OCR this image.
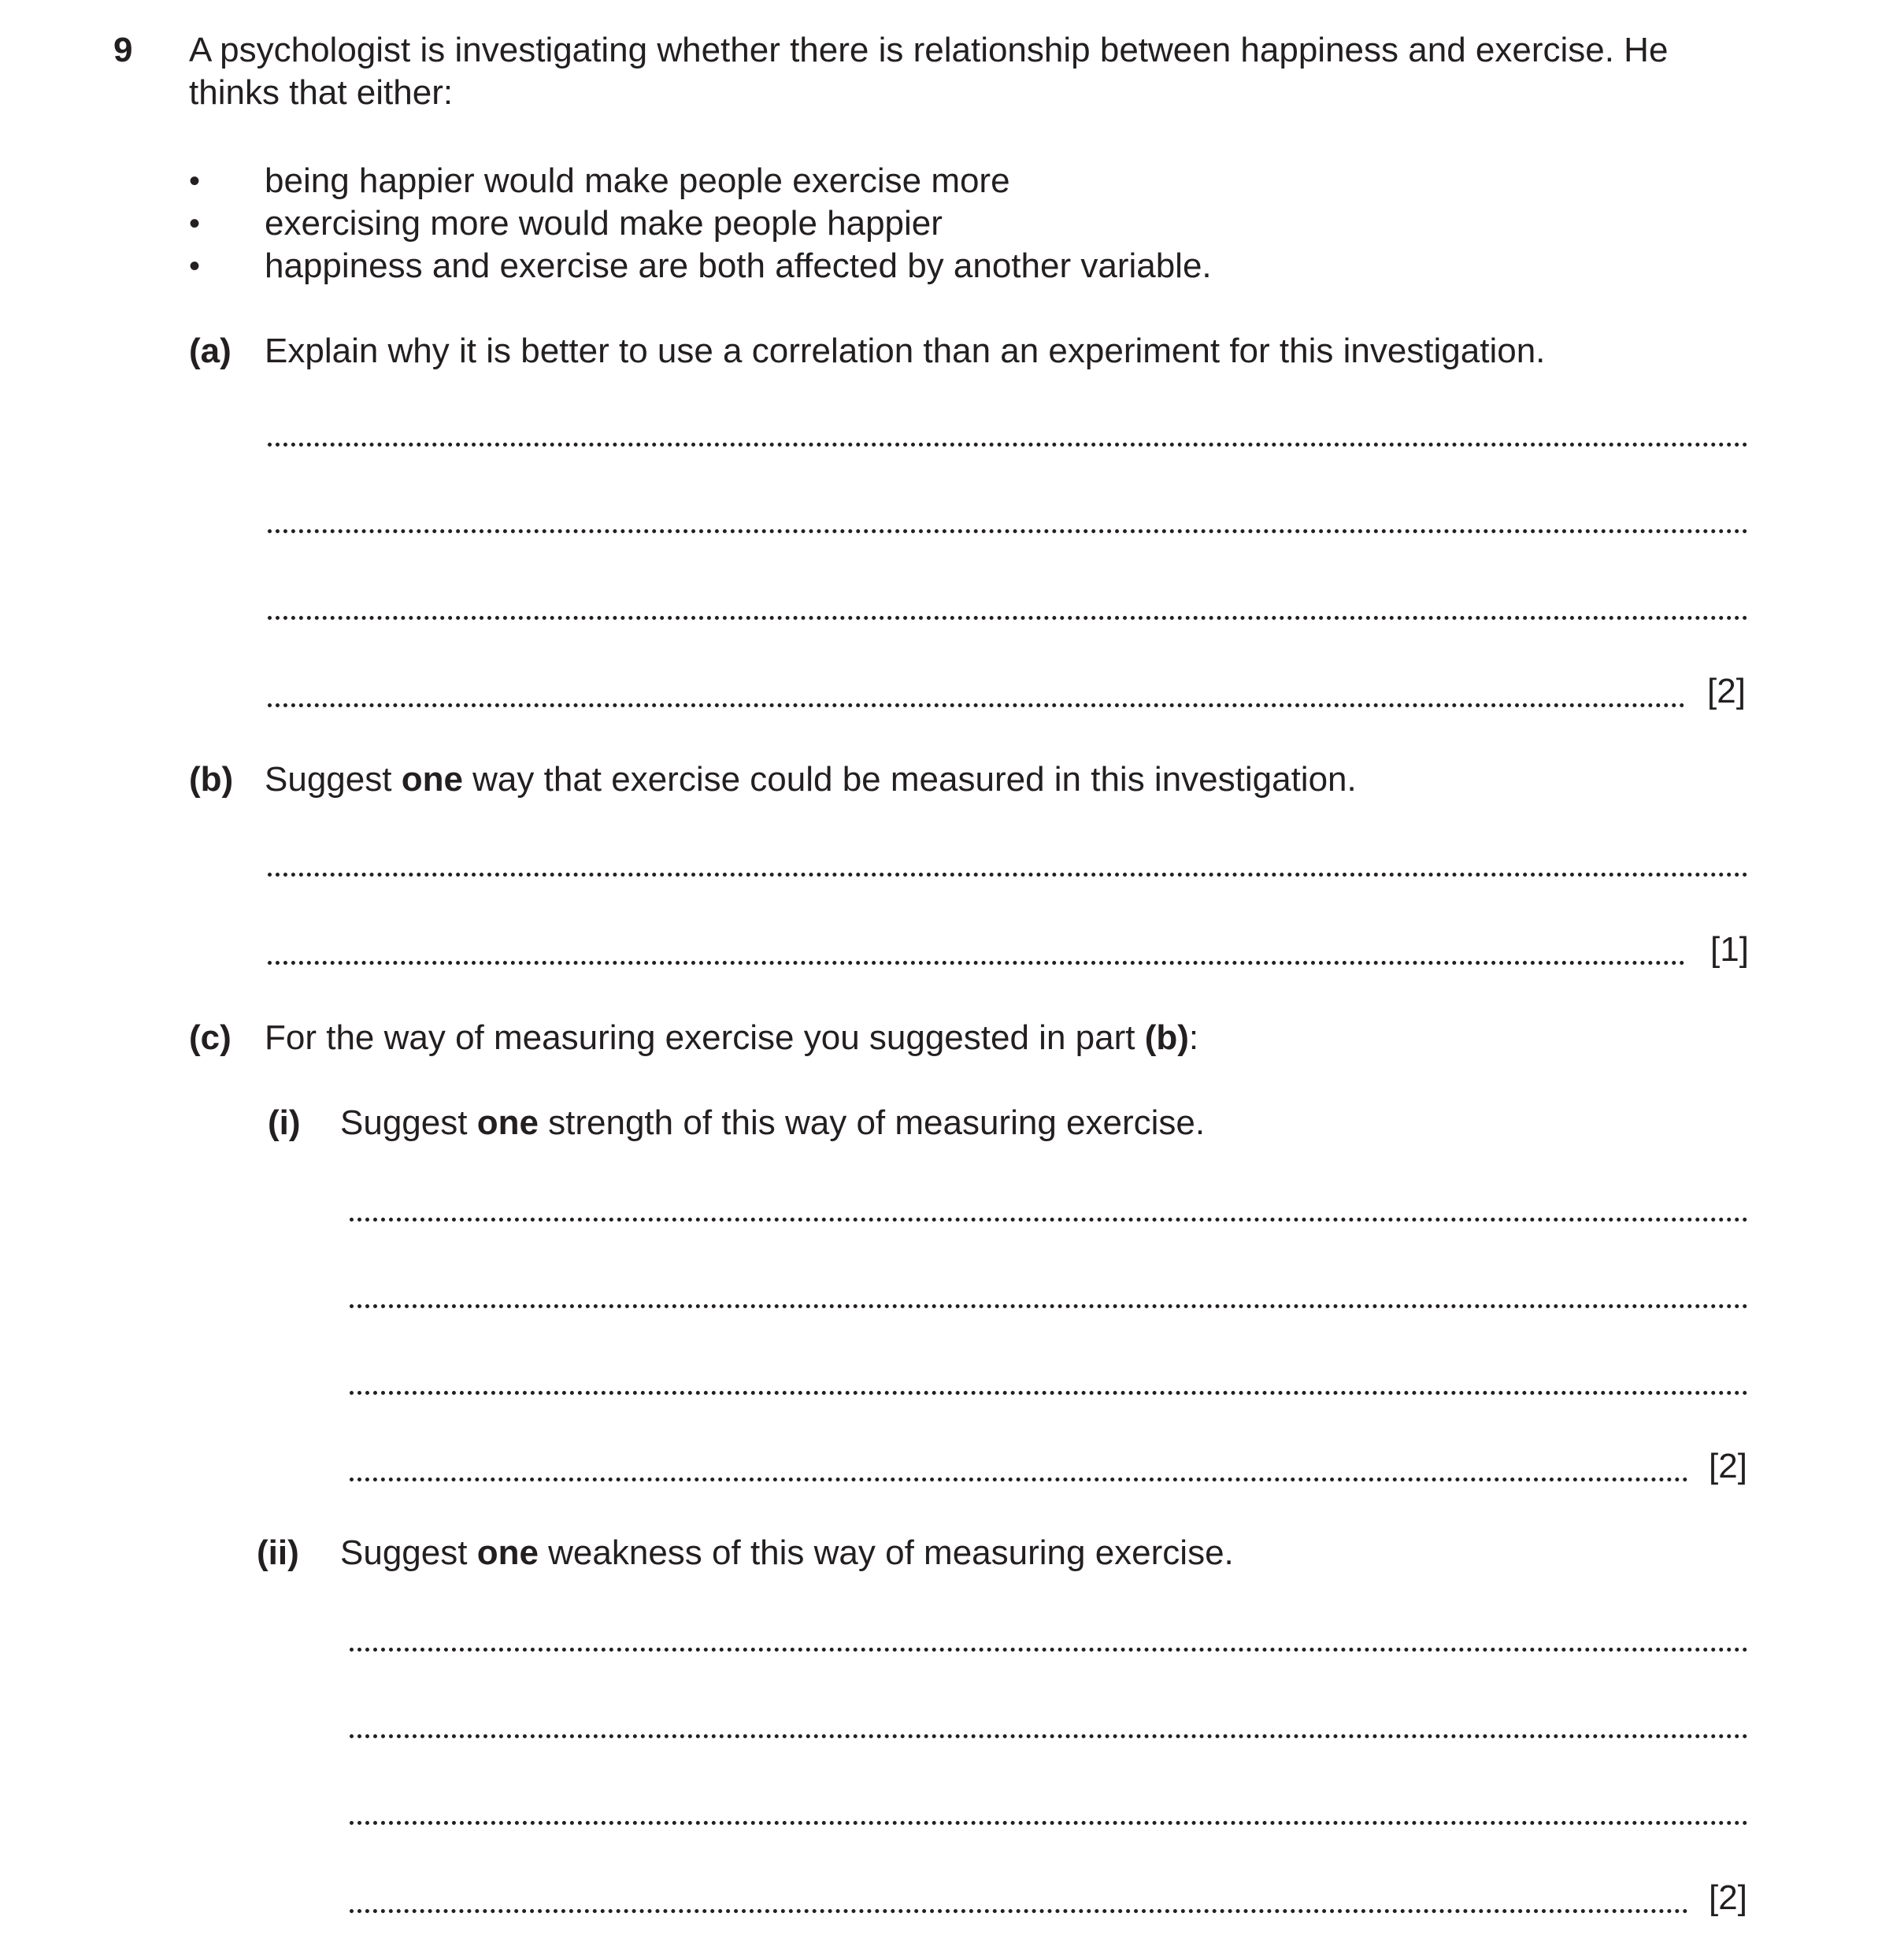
9 A psychologist is investigating whether there is relationship between happiness and exercise. He
thinks that either:
• being happier would make people exercise more
• exercising more would make people happier
• happiness and exercise are both affected by another variable.
(a) Explain why it is better to use a correlation than an experiment for this investigation.
[2]
(b) Suggest one way that exercise could be measured in this investigation.
[1]
(c) For the way of measuring exercise you suggested in part (b):
(i) Suggest one strength of this way of measuring exercise.
[2]
(ii) Suggest one weakness of this way of measuring exercise.
[2]
